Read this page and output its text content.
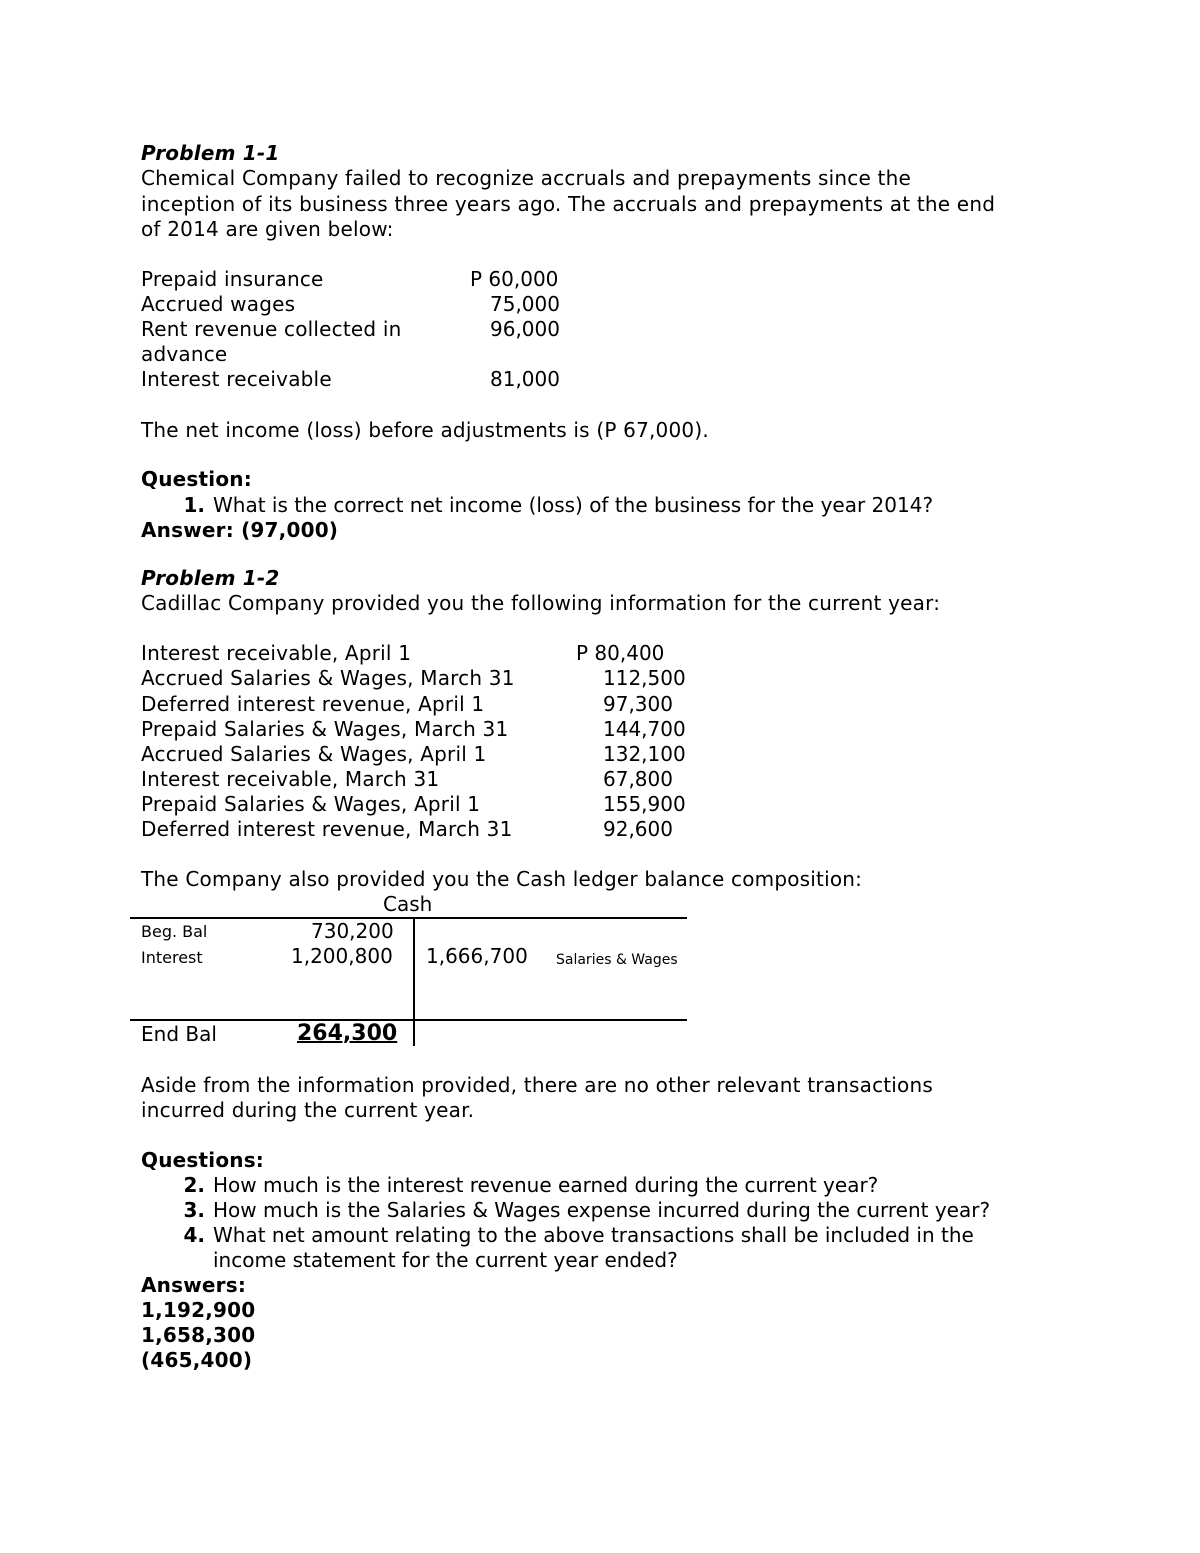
Problem 1-1
Chemical Company failed to recognize accruals and prepayments since the
inception of its business three years ago. The accruals and prepayments at the end
of 2014 are given below:
Prepaid insurance	P 60,000
Accrued wages	75,000
Rent revenue collected in	96,000
advance
Interest receivable	81,000
The net income (loss) before adjustments is (P 67,000).
Question:
1. What is the correct net income (loss) of the business for the year 2014?
Answer: (97,000)
Problem 1-2
Cadillac Company provided you the following information for the current year:
Interest receivable, April 1	P 80,400
Accrued Salaries & Wages, March 31	112,500
Deferred interest revenue, April 1	97,300
Prepaid Salaries & Wages, March 31	144,700
Accrued Salaries & Wages, April 1	132,100
Interest receivable, March 31	67,800
Prepaid Salaries & Wages, April 1	155,900
Deferred interest revenue, March 31	92,600
The Company also provided you the Cash ledger balance composition:
Cash
Beg. Bal	730,200
Interest	1,200,800 1,666,700 Salaries & Wages
End Bal	264,300
Aside from the information provided, there are no other relevant transactions
incurred during the current year.
Questions:
2. How much is the interest revenue earned during the current year?
3. How much is the Salaries & Wages expense incurred during the current year?
4. What net amount relating to the above transactions shall be included in the
income statement for the current year ended?
Answers:
1,192,900
1,658,300
(465,400)
